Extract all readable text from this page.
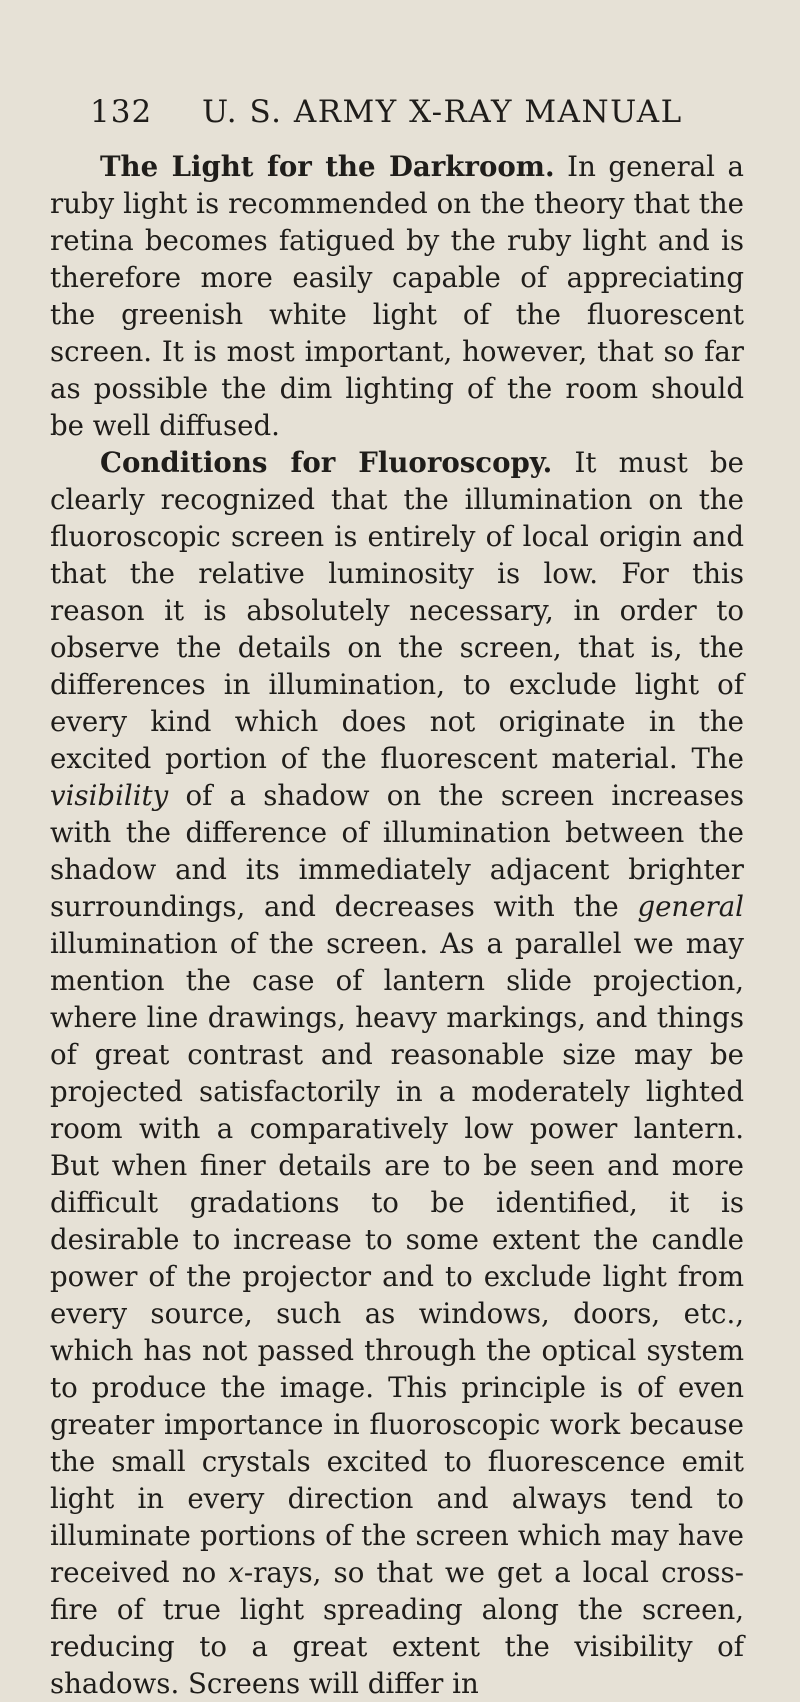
132 U. S. ARMY X-RAY MANUAL

The Light for the Darkroom. In general a ruby light is recommended on the theory that the retina becomes fatigued by the ruby light and is therefore more easily capable of appreciating the greenish white light of the fluorescent screen. It is most important, however, that so far as possible the dim lighting of the room should be well diffused.

Conditions for Fluoroscopy. It must be clearly recognized that the illumination on the fluoroscopic screen is entirely of local origin and that the relative luminosity is low. For this reason it is absolutely necessary, in order to observe the details on the screen, that is, the differences in illumination, to exclude light of every kind which does not originate in the excited portion of the fluorescent material. The visibility of a shadow on the screen increases with the difference of illumination between the shadow and its immediately adjacent brighter surroundings, and decreases with the general illumination of the screen. As a parallel we may mention the case of lantern slide projection, where line drawings, heavy markings, and things of great contrast and reasonable size may be projected satisfactorily in a moderately lighted room with a comparatively low power lantern. But when finer details are to be seen and more difficult gradations to be identified, it is desirable to increase to some extent the candle power of the projector and to exclude light from every source, such as windows, doors, etc., which has not passed through the optical system to produce the image. This principle is of even greater importance in fluoroscopic work because the small crystals excited to fluorescence emit light in every direction and always tend to illuminate portions of the screen which may have received no x-rays, so that we get a local cross-fire of true light spreading along the screen, reducing to a great extent the visibility of shadows. Screens will differ in
